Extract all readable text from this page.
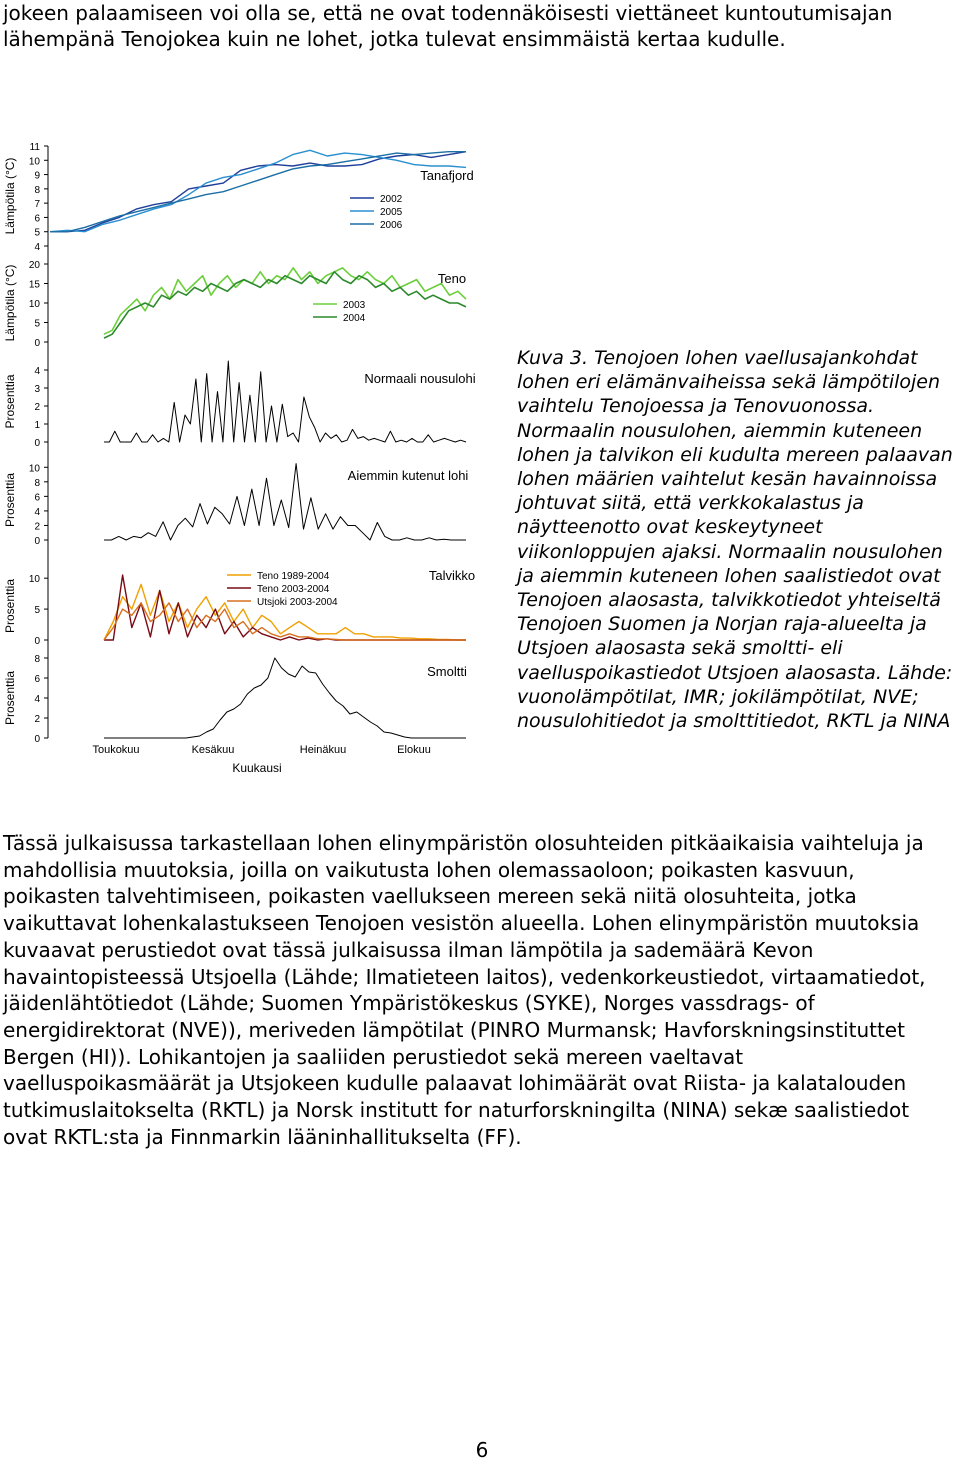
jokeen palaamiseen voi olla se, että ne ovat todennäköisesti viettäneet kuntoutumisajan lähempänä Tenojokea kuin ne lohet, jotka tulevat ensimmäistä kertaa kudulle.

11
10
9
8
7
6
5
4
Lämpötila (°C)	Tanafjord
2002
2005
2006
20
15
10
5
0
Lämpötila (°C)	Teno
2003
2004
4
3
2
1
0
Prosenttia	Normaali nousulohi
10
8
6
4
2
0
Prosenttia	Aiemmin kutenut lohi
10
5
0
Prosenttia
Talvikko
Teno 1989-2004
Teno 2003-2004
Utsjoki 2003-2004
8
6
4
2
0
Prosenttia	Smoltti
Toukokuu	Kesäkuu	Heinäkuu	Elokuu
Kuukausi

Kuva 3. Tenojoen lohen vaellusajankohdat lohen eri elämänvaiheissa sekä lämpötilojen vaihtelu Tenojoessa ja Tenovuonossa. Normaalin nousulohen, aiemmin kuteneen lohen ja talvikon eli kudulta mereen palaavan lohen määrien vaihtelut kesän havainnoissa johtuvat siitä, että verkkokalastus ja näytteenotto ovat keskeytyneet viikonloppujen ajaksi. Normaalin nousulohen ja aiemmin kuteneen lohen saalistiedot ovat Tenojoen alaosasta, talvikkotiedot yhteiseltä Tenojoen Suomen ja Norjan raja-alueelta ja Utsjoen alaosasta sekä smoltti- eli vaelluspoikastiedot Utsjoen alaosasta. Lähde: vuonolämpötilat, IMR; jokilämpötilat, NVE; nousulohitiedot ja smolttitiedot, RKTL ja NINA

Tässä julkaisussa tarkastellaan lohen elinympäristön olosuhteiden pitkäaikaisia vaihteluja ja mahdollisia muutoksia, joilla on vaikutusta lohen olemassaoloon; poikasten kasvuun, poikasten talvehtimiseen, poikasten vaellukseen mereen sekä niitä olosuhteita, jotka vaikuttavat lohenkalastukseen Tenojoen vesistön alueella. Lohen elinympäristön muutoksia kuvaavat perustiedot ovat tässä julkaisussa ilman lämpötila ja sademäärä Kevon havaintopisteessä Utsjoella (Lähde; Ilmatieteen laitos), vedenkorkeustiedot, virtaamatiedot, jäidenlähtötiedot (Lähde; Suomen Ympäristökeskus (SYKE), Norges vassdrags- of energidirektorat (NVE)), meriveden lämpötilat (PINRO Murmansk; Havforskningsinstituttet Bergen (HI)). Lohikantojen ja saaliiden perustiedot sekä mereen vaeltavat vaelluspoikasmäärät ja Utsjokeen kudulle palaavat lohimäärät ovat Riista- ja kalatalouden tutkimuslaitokselta (RKTL) ja Norsk institutt for naturforskningilta (NINA) sekæ saalistiedot ovat RKTL:sta ja Finnmarkin lääninhallitukselta (FF).

6
